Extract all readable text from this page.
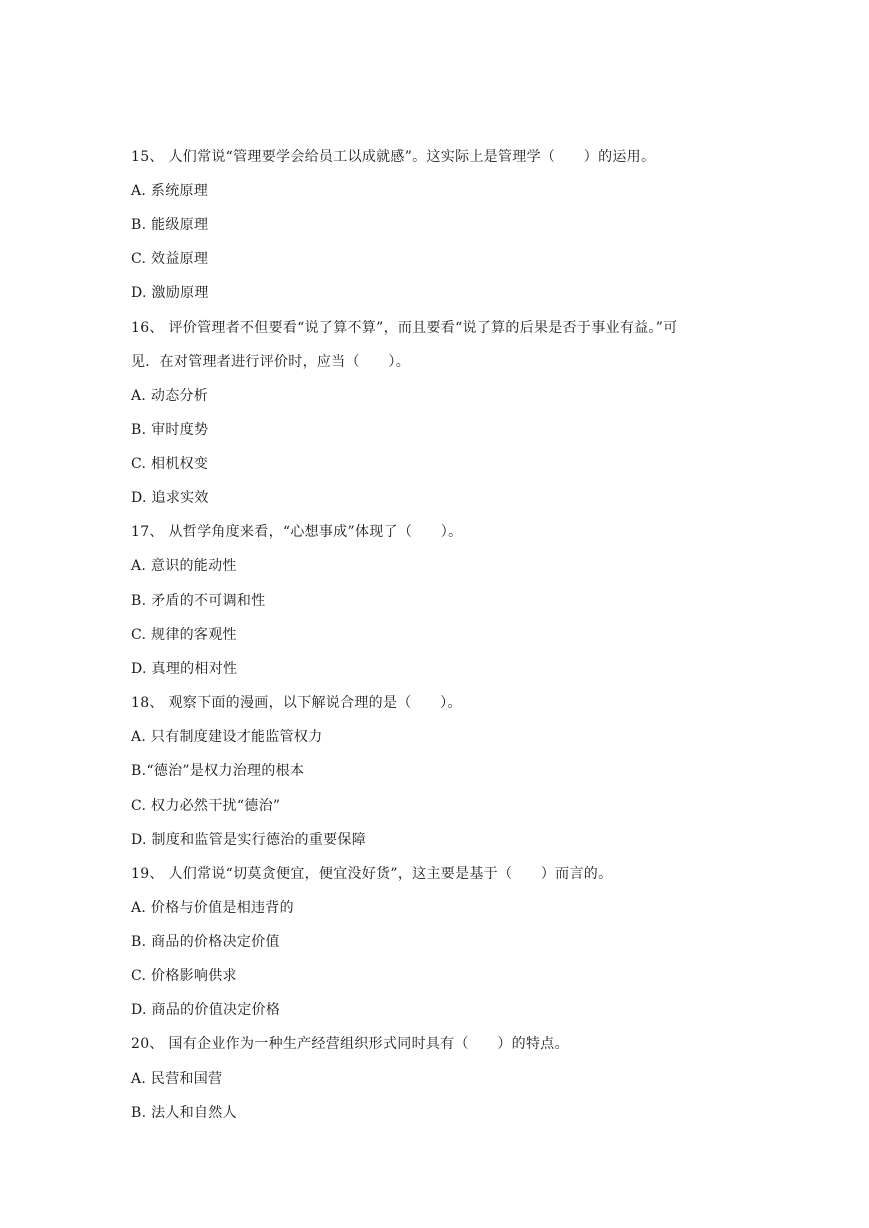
15、 人们常说“管理要学会给员工以成就感”。这实际上是管理学（　　）的运用。
A. 系统原理
B. 能级原理
C. 效益原理
D. 激励原理
16、 评价管理者不但要看“说了算不算”，而且要看“说了算的后果是否于事业有益。”可
见．在对管理者进行评价时，应当（　　）。
A. 动态分析
B. 审时度势
C. 相机权变
D. 追求实效
17、 从哲学角度来看，“心想事成”体现了（　　）。
A. 意识的能动性
B. 矛盾的不可调和性
C. 规律的客观性
D. 真理的相对性
18、 观察下面的漫画，以下解说合理的是（　　）。
A. 只有制度建设才能监管权力
B.“德治”是权力治理的根本
C. 权力必然干扰“德治”
D. 制度和监管是实行德治的重要保障
19、 人们常说“切莫贪便宜，便宜没好货”，这主要是基于（　　）而言的。
A. 价格与价值是相违背的
B. 商品的价格决定价值
C. 价格影响供求
D. 商品的价值决定价格
20、 国有企业作为一种生产经营组织形式同时具有（　　）的特点。
A. 民营和国营
B. 法人和自然人
